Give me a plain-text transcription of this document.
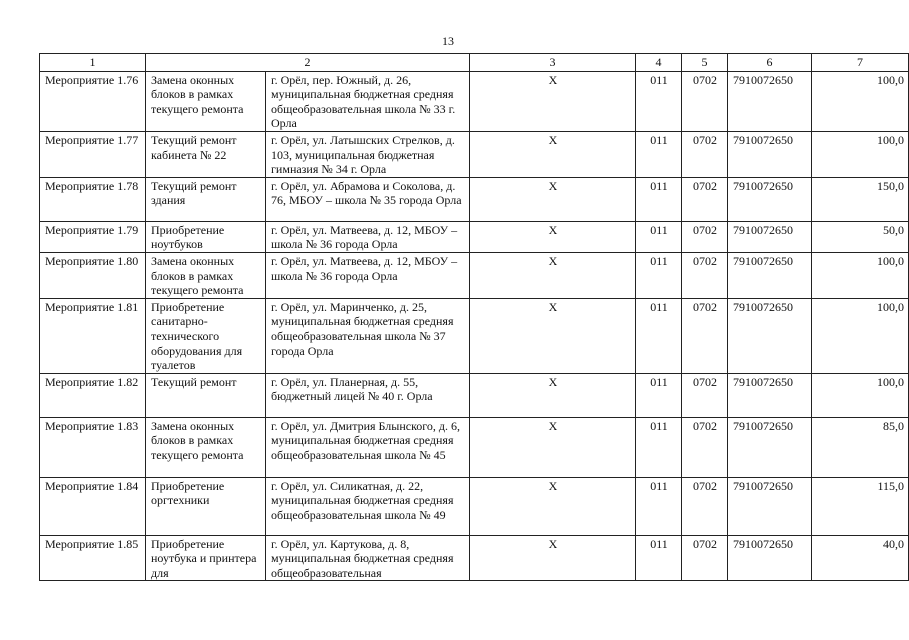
13
1	2		3	4	5	6	7
Мероприятие 1.76	Замена оконных блоков в рамках текущего ремонта	г. Орёл, пер. Южный, д. 26, муниципальная бюджетная средняя общеобразовательная школа № 33 г. Орла	X	011	0702	7910072650	100,0
Мероприятие 1.77	Текущий ремонт кабинета № 22	г. Орёл, ул. Латышских Стрелков, д. 103, муниципальная бюджетная гимназия № 34 г. Орла	X	011	0702	7910072650	100,0
Мероприятие 1.78	Текущий ремонт здания	г. Орёл, ул. Абрамова и Соколова, д. 76, МБОУ – школа № 35 города Орла	X	011	0702	7910072650	150,0
Мероприятие 1.79	Приобретение ноутбуков	г. Орёл, ул. Матвеева, д. 12, МБОУ – школа № 36 города Орла	X	011	0702	7910072650	50,0
Мероприятие 1.80	Замена оконных блоков в рамках текущего ремонта	г. Орёл, ул. Матвеева, д. 12, МБОУ – школа № 36 города Орла	X	011	0702	7910072650	100,0
Мероприятие 1.81	Приобретение санитарно-технического оборудования для туалетов	г. Орёл, ул. Маринченко, д. 25, муниципальная бюджетная средняя общеобразовательная школа № 37 города Орла	X	011	0702	7910072650	100,0
Мероприятие 1.82	Текущий ремонт	г. Орёл, ул. Планерная, д. 55, бюджетный лицей № 40 г. Орла	X	011	0702	7910072650	100,0
Мероприятие 1.83	Замена оконных блоков в рамках текущего ремонта	г. Орёл, ул. Дмитрия Блынского, д. 6, муниципальная бюджетная средняя общеобразовательная школа № 45	X	011	0702	7910072650	85,0
Мероприятие 1.84	Приобретение оргтехники	г. Орёл, ул. Силикатная, д. 22, муниципальная бюджетная средняя общеобразовательная школа № 49	X	011	0702	7910072650	115,0
Мероприятие 1.85	Приобретение ноутбука и принтера для	г. Орёл, ул. Картукова, д. 8, муниципальная бюджетная средняя общеобразовательная	X	011	0702	7910072650	40,0
